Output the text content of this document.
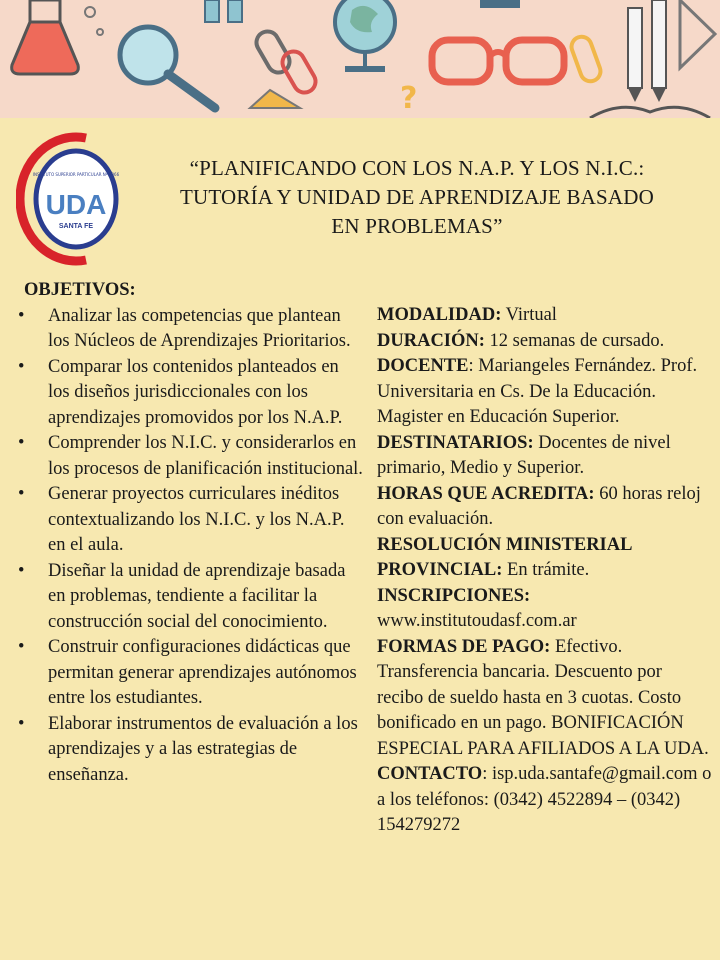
?
INSTITUTO SUPERIOR PARTICULAR Nº 9066
UDA
SANTA FE
“PLANIFICANDO CON LOS N.A.P. Y LOS N.I.C.:
TUTORÍA Y UNIDAD DE APRENDIZAJE BASADO
EN PROBLEMAS”
OBJETIVOS:
• Analizar las competencias que plantean los Núcleos de Aprendizajes Prioritarios.
• Comparar los contenidos planteados en los diseños jurisdiccionales con los aprendizajes promovidos por los N.A.P.
• Comprender los N.I.C. y considerarlos en los procesos de planificación institucional.
• Generar proyectos curriculares inéditos contextualizando los N.I.C. y los N.A.P. en el aula.
• Diseñar la unidad de aprendizaje basada en problemas, tendiente a facilitar la construcción social del conocimiento.
• Construir configuraciones didácticas que permitan generar aprendizajes autónomos entre los estudiantes.
• Elaborar instrumentos de evaluación a los aprendizajes y a las estrategias de enseñanza.

MODALIDAD: Virtual

DURACIÓN: 12 semanas de cursado.

DOCENTE: Mariangeles Fernández. Prof. Universitaria en Cs. De la Educación. Magister en Educación Superior.

DESTINATARIOS: Docentes de nivel primario, Medio y Superior.

HORAS QUE ACREDITA: 60 horas reloj con evaluación.

RESOLUCIÓN MINISTERIAL PROVINCIAL: En trámite.

INSCRIPCIONES:
www.institutoudasf.com.ar

FORMAS DE PAGO: Efectivo. Transferencia bancaria. Descuento por recibo de sueldo hasta en 3 cuotas. Costo bonificado en un pago. BONIFICACIÓN ESPECIAL PARA AFILIADOS A LA UDA.

CONTACTO: isp.uda.santafe@gmail.com o a los teléfonos: (0342) 4522894 – (0342) 154279272
